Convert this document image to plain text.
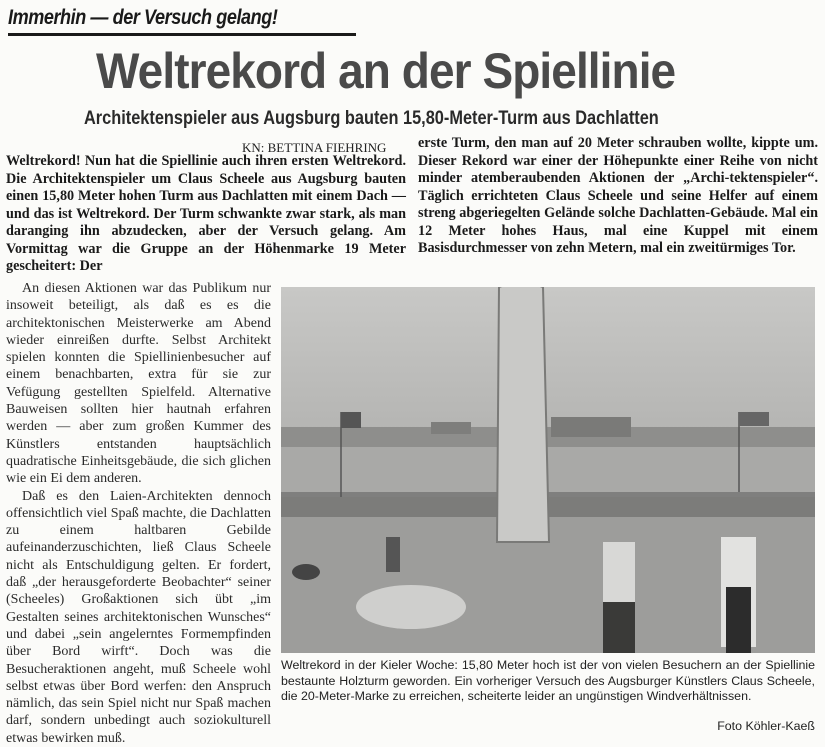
Immerhin — der Versuch gelang!
Weltrekord an der Spiellinie
Architektenspieler aus Augsburg bauten 15,80-Meter-Turm aus Dachlatten
KN: BETTINA FIEHRING
Weltrekord! Nun hat die Spiellinie auch ihren ersten Weltrekord. Die Architektenspieler um Claus Scheele aus Augsburg bauten einen 15,80 Meter hohen Turm aus Dachlatten mit einem Dach — und das ist Weltrekord. Der Turm schwankte zwar stark, als man daranging ihn abzudecken, aber der Versuch gelang. Am Vormittag war die Gruppe an der Höhenmarke 19 Meter gescheitert: Der
erste Turm, den man auf 20 Meter schrauben wollte, kippte um. Dieser Rekord war einer der Höhepunkte einer Reihe von nicht minder atemberaubenden Aktionen der „Archi-tektenspieler“. Täglich errichteten Claus Scheele und seine Helfer auf einem streng abgeriegelten Gelände solche Dachlatten-Gebäude. Mal ein 12 Meter hohes Haus, mal eine Kuppel mit einem Basisdurchmesser von zehn Metern, mal ein zweitürmiges Tor.

An diesen Aktionen war das Publikum nur insoweit beteiligt, als daß es es die architektonischen Meisterwerke am Abend wieder einreißen durfte. Selbst Architekt spielen konnten die Spiellinienbesucher auf einem benachbarten, extra für sie zur Vefügung gestellten Spielfeld. Alternative Bauweisen sollten hier hautnah erfahren werden — aber zum großen Kummer des Künstlers entstanden hauptsächlich quadratische Einheitsgebäude, die sich glichen wie ein Ei dem anderen.

Daß es den Laien-Architekten dennoch offensichtlich viel Spaß machte, die Dachlatten zu einem haltbaren Gebilde aufeinanderzuschichten, ließ Claus Scheele nicht als Entschuldigung gelten. Er fordert, daß „der herausgeforderte Beobachter“ seiner (Scheeles) Großaktionen sich übt „im Gestalten seines architektonischen Wunsches“ und dabei „sein angelerntes Formempfinden über Bord wirft“. Doch was die Besucheraktionen angeht, muß Scheele wohl selbst etwas über Bord werfen: den Anspruch nämlich, das sein Spiel nicht nur Spaß machen darf, sondern unbedingt auch soziokulturell etwas bewirken muß.

Weltrekord in der Kieler Woche: 15,80 Meter hoch ist der von vielen Besuchern an der Spiellinie bestaunte Holzturm geworden. Ein vorheriger Versuch des Augsburger Künstlers Claus Scheele, die 20-Meter-Marke zu erreichen, scheiterte leider an ungünstigen Windverhältnissen.
Foto Köhler-Kaeß
